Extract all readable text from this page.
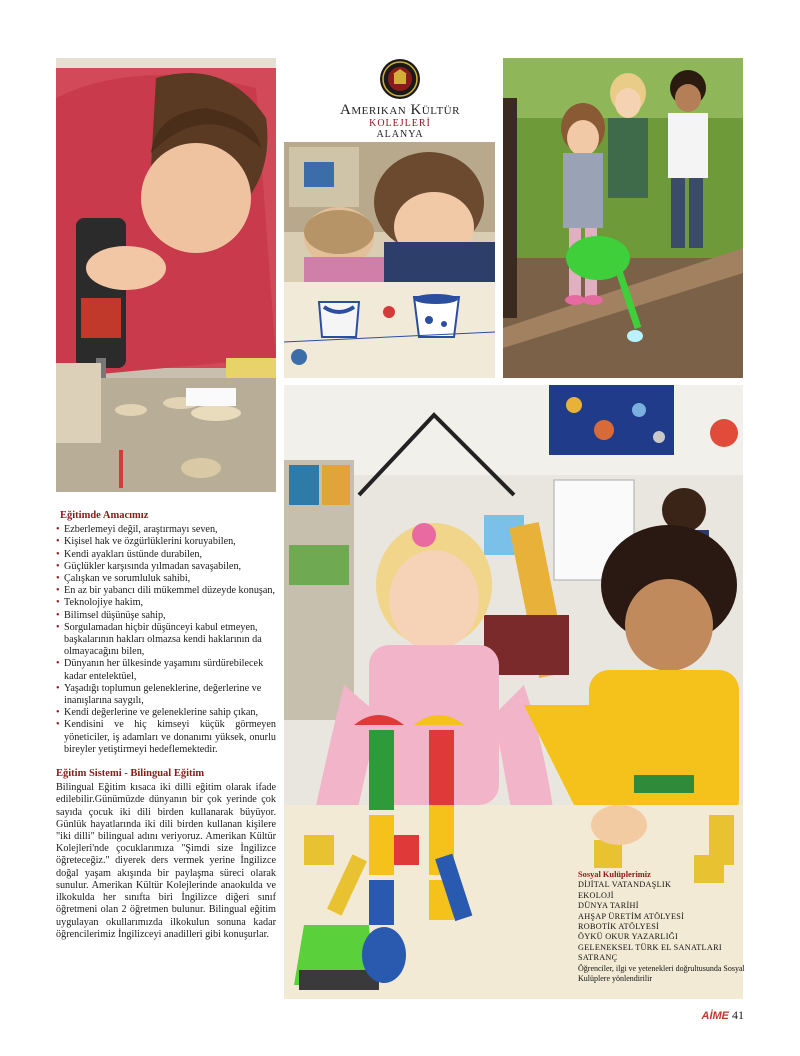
Amerikan Kültür
KOLEJLERİ
ALANYA
Eğitimde Amacımız
• Ezberlemeyi değil, araştırmayı seven,
• Kişisel hak ve özgürlüklerini koruyabilen,
• Kendi ayakları üstünde durabilen,
• Güçlükler karşısında yılmadan savaşabilen,
• Çalışkan ve sorumluluk sahibi,
• En az bir yabancı dili mükemmel düzeyde konuşan,
• Teknolojiye hakim,
• Bilimsel düşünüşe sahip,
• Sorgulamadan hiçbir düşünceyi kabul etmeyen, başkalarının hakları olmazsa kendi haklarının da olmayacağını bilen,
• Dünyanın her ülkesinde yaşamını sürdürebilecek kadar entelektüel,
• Yaşadığı toplumun geleneklerine, değerlerine ve inanışlarına saygılı,
• Kendi değerlerine ve geleneklerine sahip çıkan,
• Kendisini ve hiç kimseyi küçük görmeyen yöneticiler, iş adamları ve donanımı yüksek, onurlu bireyler yetiştirmeyi hedeflemektedir.
Eğitim Sistemi - Bilingual Eğitim

Bilingual Eğitim kısaca iki dilli eğitim olarak ifade edilebilir.Günümüzde dünyanın bir çok yerinde çok sayıda çocuk iki dili birden kullanarak büyüyor. Günlük hayatlarında iki dili birden kullanan kişilere "iki dilli" bilingual adını veriyoruz. Amerikan Kültür Kolejleri'nde çocuklarımıza "Şimdi size İngilizce öğreteceğiz." diyerek ders vermek yerine İngilizce doğal yaşam akışında bir paylaşma süreci olarak sunulur. Amerikan Kültür Kolejlerinde anaokulda ve ilkokulda her sınıfta biri İngilizce diğeri sınıf öğretmeni olan 2 öğretmen bulunur. Bilingual eğitim uygulayan okullarımızda ilkokulun sonuna kadar öğrencilerimiz İngilizceyi anadilleri gibi konuşurlar.

Sosyal Kulüplerimiz
DİJİTAL VATANDAŞLIK
EKOLOJİ
DÜNYA TARİHİ
AHŞAP ÜRETİM ATÖLYESİ
ROBOTİK ATÖLYESİ
ÖYKÜ OKUR YAZARLIĞI
GELENEKSEL TÜRK EL SANATLARI
SATRANÇ
Öğrenciler, ilgi ve yetenekleri doğrultusunda Sosyal Kulüplere yönlendirilir
AİME 41
